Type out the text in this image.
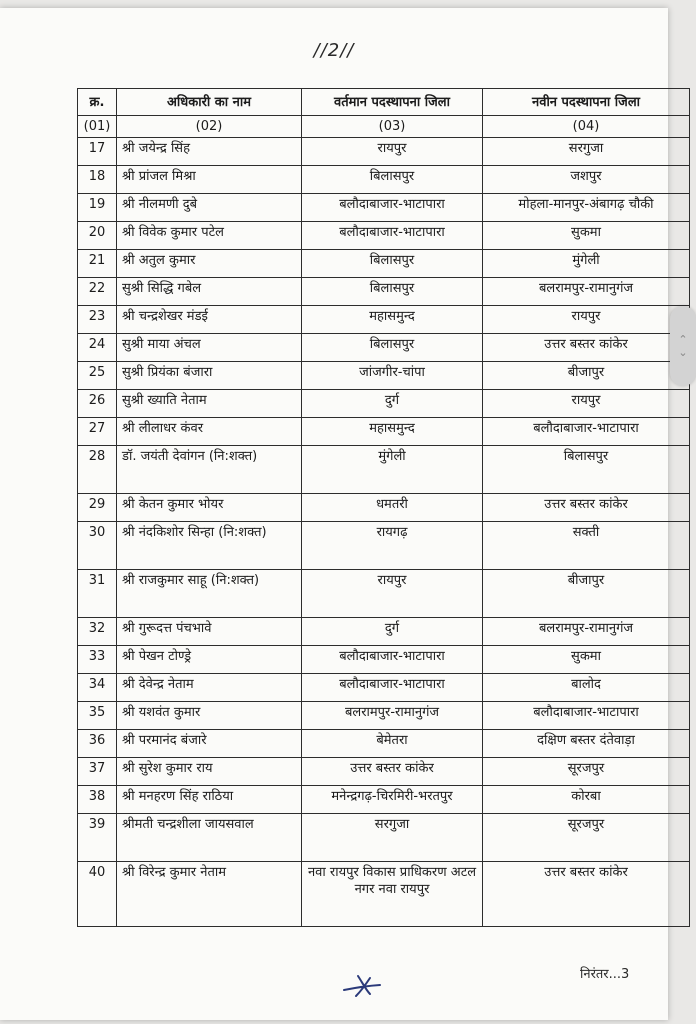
//2//
क्र.	अधिकारी का नाम	वर्तमान पदस्थापना जिला	नवीन पदस्थापना जिला
(01)	(02)	(03)	(04)
17	श्री जयेन्द्र सिंह	रायपुर	सरगुजा
18	श्री प्रांजल मिश्रा	बिलासपुर	जशपुर
19	श्री नीलमणी दुबे	बलौदाबाजार-भाटापारा	मोहला-मानपुर-अंबागढ़ चौकी
20	श्री विवेक कुमार पटेल	बलौदाबाजार-भाटापारा	सुकमा
21	श्री अतुल कुमार	बिलासपुर	मुंगेली
22	सुश्री सिद्धि गबेल	बिलासपुर	बलरामपुर-रामानुगंज
23	श्री चन्द्रशेखर मंडई	महासमुन्द	रायपुर
24	सुश्री माया अंचल	बिलासपुर	उत्तर बस्तर कांकेर
25	सुश्री प्रियंका बंजारा	जांजगीर-चांपा	बीजापुर
26	सुश्री ख्याति नेताम	दुर्ग	रायपुर
27	श्री लीलाधर कंवर	महासमुन्द	बलौदाबाजार-भाटापारा
28	डॉ. जयंती देवांगन (नि:शक्त)	मुंगेली	बिलासपुर
29	श्री केतन कुमार भोयर	धमतरी	उत्तर बस्तर कांकेर
30	श्री नंदकिशोर सिन्हा (नि:शक्त)	रायगढ़	सक्ती
31	श्री राजकुमार साहू (नि:शक्त)	रायपुर	बीजापुर
32	श्री गुरूदत्त पंचभावे	दुर्ग	बलरामपुर-रामानुगंज
33	श्री पेखन टोण्ड्रे	बलौदाबाजार-भाटापारा	सुकमा
34	श्री देवेन्द्र नेताम	बलौदाबाजार-भाटापारा	बालोद
35	श्री यशवंत कुमार	बलरामपुर-रामानुगंज	बलौदाबाजार-भाटापारा
36	श्री परमानंद बंजारे	बेमेतरा	दक्षिण बस्तर दंतेवाड़ा
37	श्री सुरेश कुमार राय	उत्तर बस्तर कांकेर	सूरजपुर
38	श्री मनहरण सिंह राठिया	मनेन्द्रगढ़-चिरमिरी-भरतपुर	कोरबा
39	श्रीमती चन्द्रशीला जायसवाल	सरगुजा	सूरजपुर
40	श्री विरेन्द्र कुमार नेताम	नवा रायपुर विकास प्राधिकरण अटल नगर नवा रायपुर	उत्तर बस्तर कांकेर
निरंतर...3
⌃
⌄
